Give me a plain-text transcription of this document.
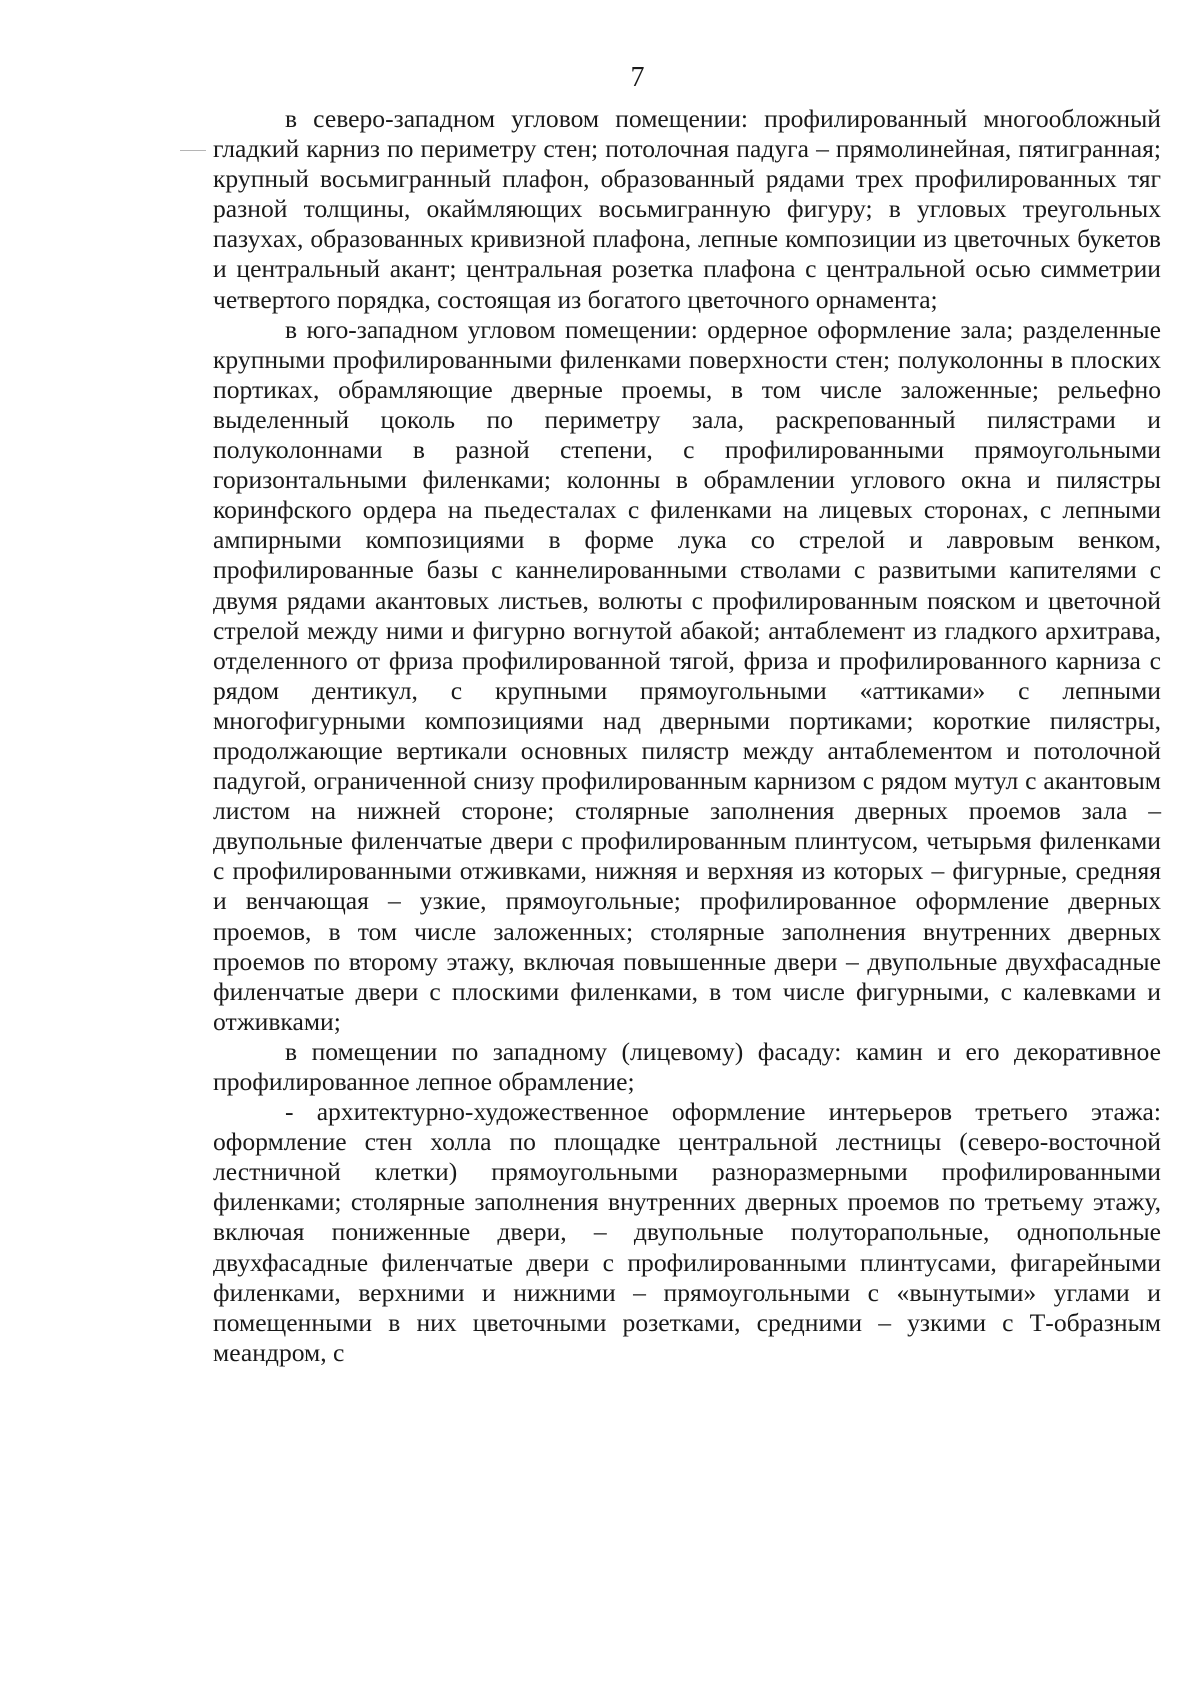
7

в северо-западном угловом помещении: профилированный многообложный гладкий карниз по периметру стен; потолочная падуга – прямолинейная, пятигранная; крупный восьмигранный плафон, образованный рядами трех профилированных тяг разной толщины, окаймляющих восьмигранную фигуру; в угловых треугольных пазухах, образованных кривизной плафона, лепные композиции из цветочных букетов и центральный акант; центральная розетка плафона с центральной осью симметрии четвертого порядка, состоящая из богатого цветочного орнамента;

в юго-западном угловом помещении: ордерное оформление зала; разделенные крупными профилированными филенками поверхности стен; полуколонны в плоских портиках, обрамляющие дверные проемы, в том числе заложенные; рельефно выделенный цоколь по периметру зала, раскрепованный пилястрами и полуколоннами в разной степени, с профилированными прямоугольными горизонтальными филенками; колонны в обрамлении углового окна и пилястры коринфского ордера на пьедесталах с филенками на лицевых сторонах, с лепными ампирными композициями в форме лука со стрелой и лавровым венком, профилированные базы с каннелированными стволами с развитыми капителями с двумя рядами акантовых листьев, волюты с профилированным пояском и цветочной стрелой между ними и фигурно вогнутой абакой; антаблемент из гладкого архитрава, отделенного от фриза профилированной тягой, фриза и профилированного карниза с рядом дентикул, с крупными прямоугольными «аттиками» с лепными многофигурными композициями над дверными портиками; короткие пилястры, продолжающие вертикали основных пилястр между антаблементом и потолочной падугой, ограниченной снизу профилированным карнизом с рядом мутул с акантовым листом на нижней стороне; столярные заполнения дверных проемов зала – двупольные филенчатые двери с профилированным плинтусом, четырьмя филенками с профилированными отживками, нижняя и верхняя из которых – фигурные, средняя и венчающая – узкие, прямоугольные; профилированное оформление дверных проемов, в том числе заложенных; столярные заполнения внутренних дверных проемов по второму этажу, включая повышенные двери – двупольные двухфасадные филенчатые двери с плоскими филенками, в том числе фигурными, с калевками и отживками;

в помещении по западному (лицевому) фасаду: камин и его декоративное профилированное лепное обрамление;

- архитектурно-художественное оформление интерьеров третьего этажа: оформление стен холла по площадке центральной лестницы (северо-восточной лестничной клетки) прямоугольными разноразмерными профилированными филенками; столярные заполнения внутренних дверных проемов по третьему этажу, включая пониженные двери, – двупольные полуторапольные, однопольные двухфасадные филенчатые двери с профилированными плинтусами, фигарейными филенками, верхними и нижними – прямоугольными с «вынутыми» углами и помещенными в них цветочными розетками, средними – узкими с Т-образным меандром, с
